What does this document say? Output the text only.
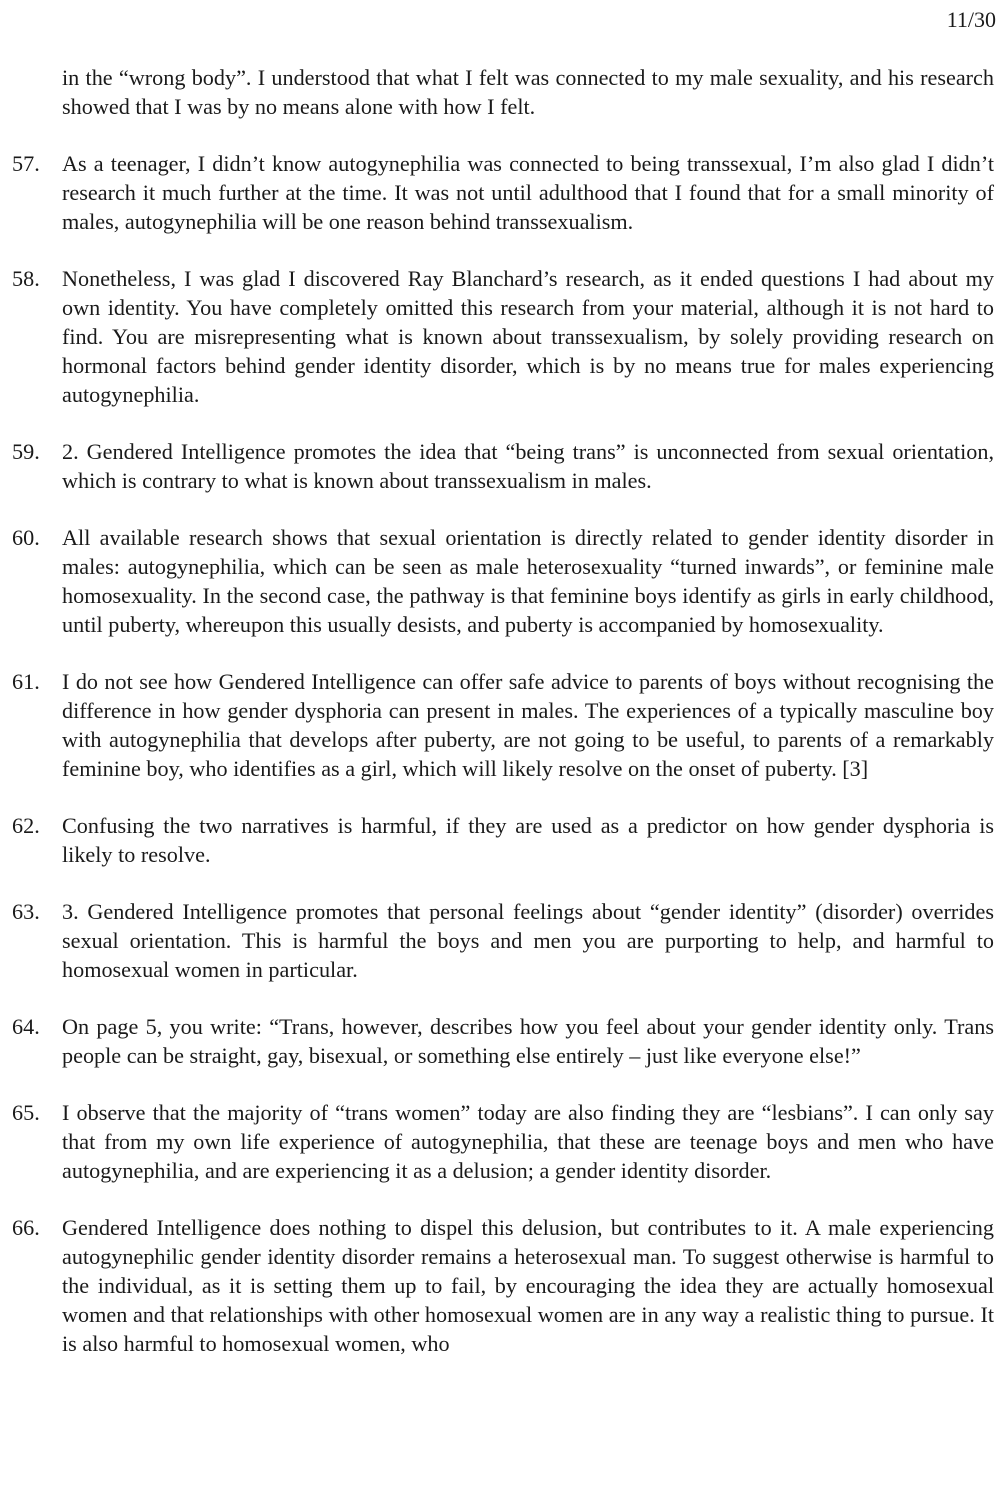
11/30

in the “wrong body”. I understood that what I felt was connected to my male sexuality, and his research showed that I was by no means alone with how I felt.

57.	As a teenager, I didn’t know autogynephilia was connected to being transsexual, I’m also glad I didn’t research it much further at the time. It was not until adulthood that I found that for a small minority of males, autogynephilia will be one reason behind transsexualism.
58.	Nonetheless, I was glad I discovered Ray Blanchard’s research, as it ended questions I had about my own identity. You have completely omitted this research from your material, although it is not hard to find. You are misrepresenting what is known about transsexualism, by solely providing research on hormonal factors behind gender identity disorder, which is by no means true for males experiencing autogynephilia.
59.	2. Gendered Intelligence promotes the idea that “being trans” is unconnected from sexual orientation, which is contrary to what is known about transsexualism in males.
60.	All available research shows that sexual orientation is directly related to gender identity disorder in males: autogynephilia, which can be seen as male heterosexuality “turned inwards”, or feminine male homosexuality. In the second case, the pathway is that feminine boys identify as girls in early childhood, until puberty, whereupon this usually desists, and puberty is accompanied by homosexuality.
61.	I do not see how Gendered Intelligence can offer safe advice to parents of boys without recognising the difference in how gender dysphoria can present in males. The experiences of a typically masculine boy with autogynephilia that develops after puberty, are not going to be useful, to parents of a remarkably feminine boy, who identifies as a girl, which will likely resolve on the onset of puberty. [3]
62.	Confusing the two narratives is harmful, if they are used as a predictor on how gender dysphoria is likely to resolve.
63.	3. Gendered Intelligence promotes that personal feelings about “gender identity” (disorder) overrides sexual orientation. This is harmful the boys and men you are purporting to help, and harmful to homosexual women in particular.
64.	On page 5, you write: “Trans, however, describes how you feel about your gender identity only. Trans people can be straight, gay, bisexual, or something else entirely – just like everyone else!”
65.	I observe that the majority of “trans women” today are also finding they are “lesbians”. I can only say that from my own life experience of autogynephilia, that these are teenage boys and men who have autogynephilia, and are experiencing it as a delusion; a gender identity disorder.
66.	Gendered Intelligence does nothing to dispel this delusion, but contributes to it. A male experiencing autogynephilic gender identity disorder remains a heterosexual man. To suggest otherwise is harmful to the individual, as it is setting them up to fail, by encouraging the idea they are actually homosexual women and that relationships with other homosexual women are in any way a realistic thing to pursue. It is also harmful to homosexual women, who
